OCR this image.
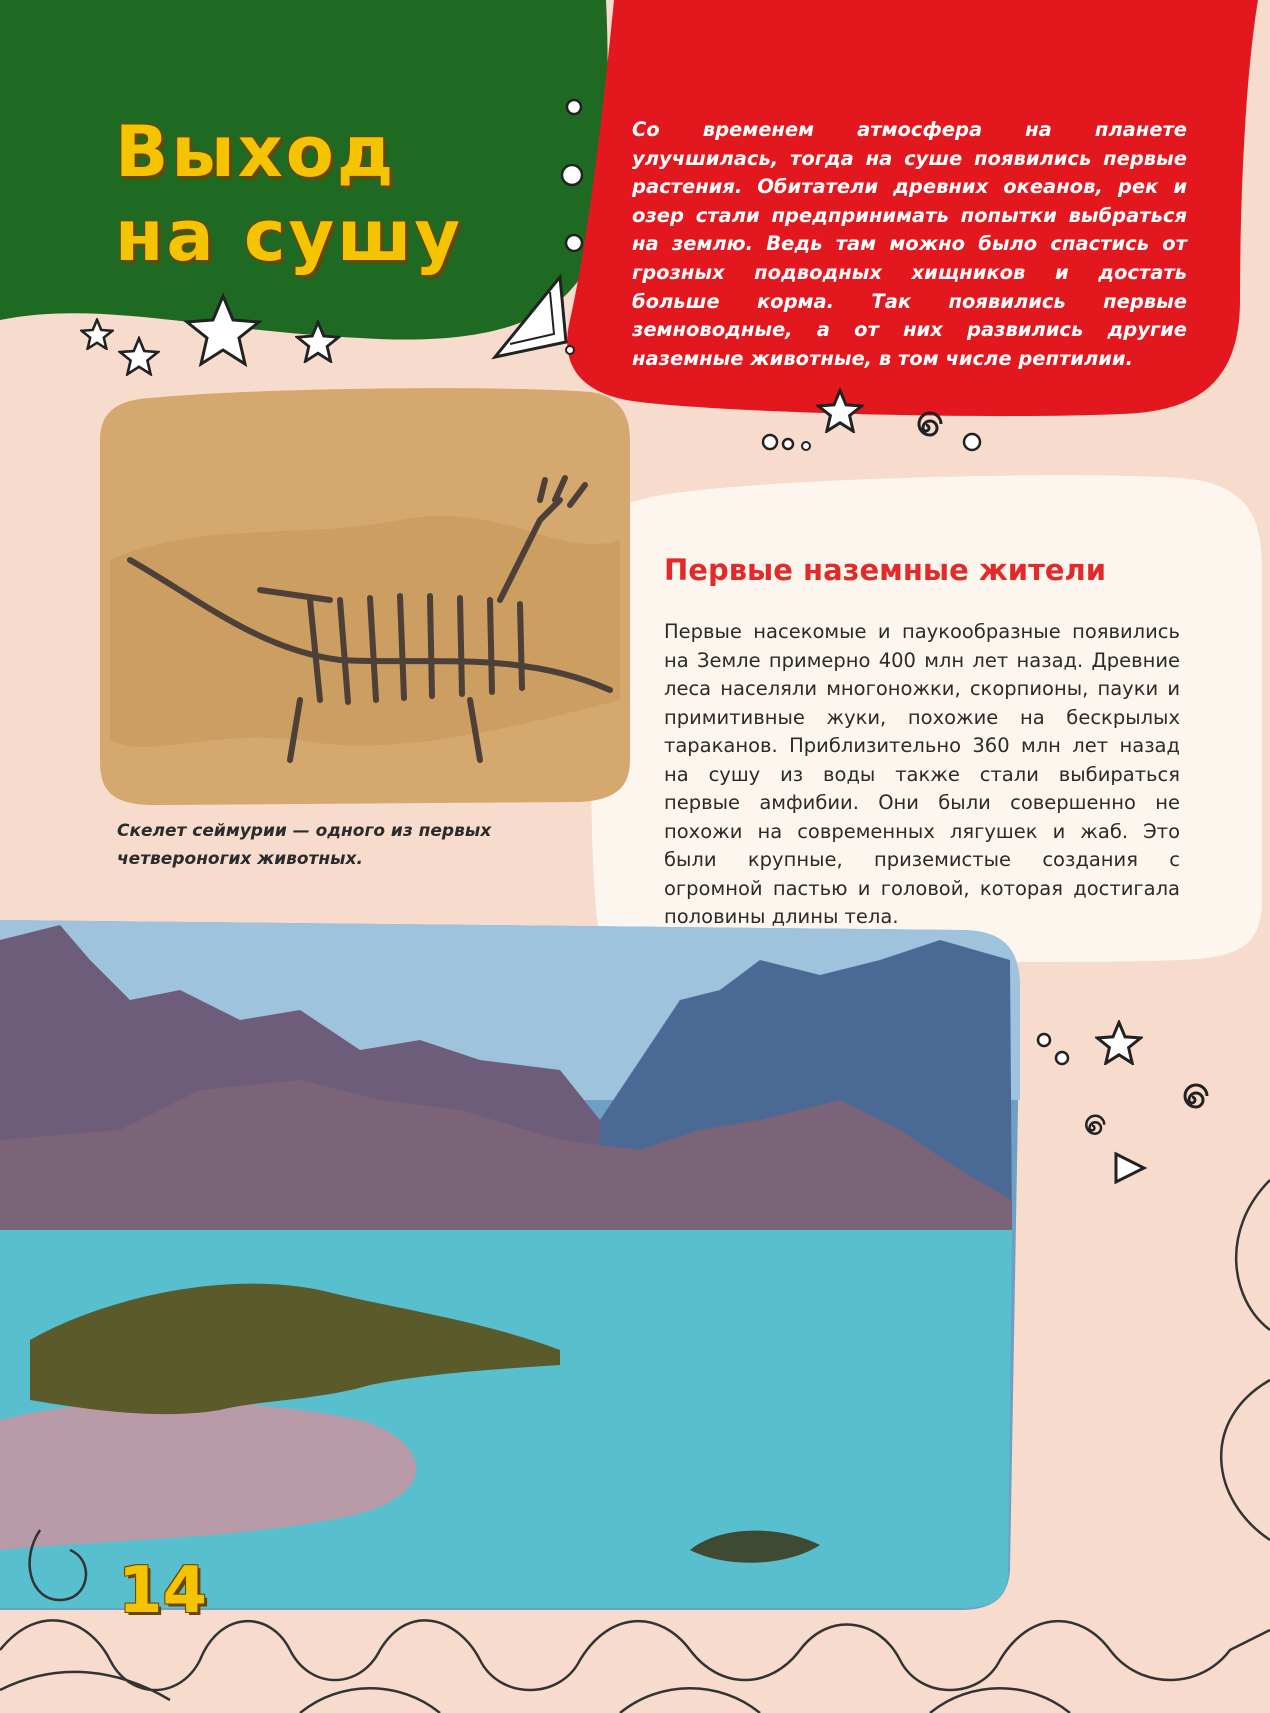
Выход
на сушу

Со временем атмосфера на планете улучшилась, тогда на суше появились первые растения. Обитатели древних океанов, рек и озер стали предпринимать попытки выбраться на землю. Ведь там можно было спастись от грозных подводных хищников и достать больше корма. Так появились первые земноводные, а от них развились другие наземные животные, в том числе рептилии.

Первые наземные жители

Первые насекомые и паукообразные появились на Земле примерно 400 млн лет назад. Древние леса населяли многоножки, скорпионы, пауки и примитивные жуки, похожие на бескрылых тараканов. Приблизительно 360 млн лет назад на сушу из воды также стали выбираться первые амфибии. Они были совершенно не похожи на современных лягушек и жаб. Это были крупные, приземистые создания с огромной пастью и головой, которая достигала половины длины тела.

Скелет сеймурии — одного из первых четвероногих животных.

14
